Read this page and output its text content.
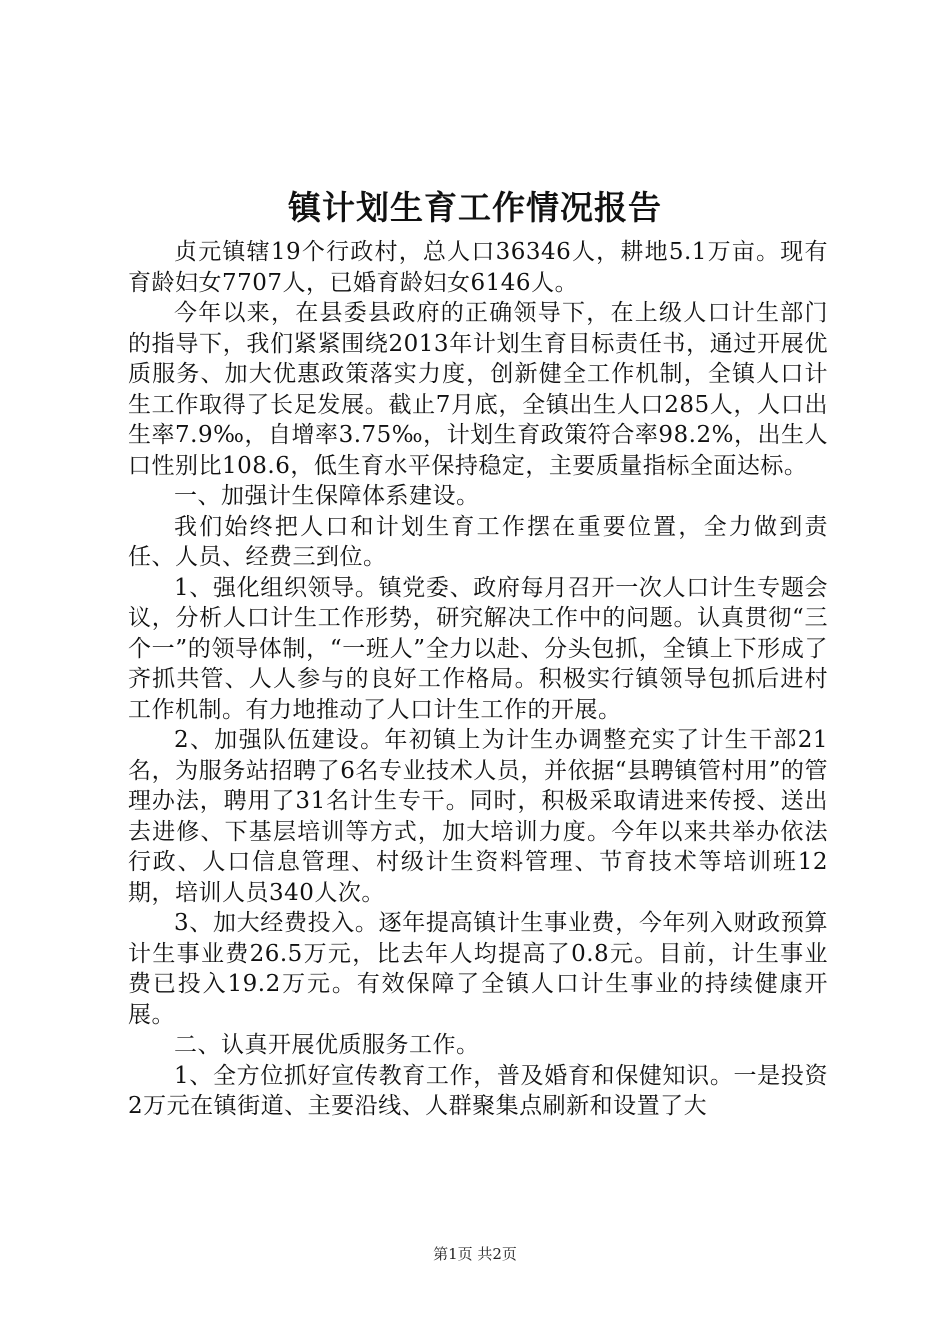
镇计划生育工作情况报告

贞元镇辖19个行政村，总人口36346人，耕地5.1万亩。现有育龄妇女7707人，已婚育龄妇女6146人。

今年以来，在县委县政府的正确领导下，在上级人口计生部门的指导下，我们紧紧围绕2013年计划生育目标责任书，通过开展优质服务、加大优惠政策落实力度，创新健全工作机制，全镇人口计生工作取得了长足发展。截止7月底，全镇出生人口285人，人口出生率7.9‰，自增率3.75‰，计划生育政策符合率98.2%，出生人口性别比108.6，低生育水平保持稳定，主要质量指标全面达标。

一、加强计生保障体系建设。

我们始终把人口和计划生育工作摆在重要位置，全力做到责任、人员、经费三到位。

1、强化组织领导。镇党委、政府每月召开一次人口计生专题会议，分析人口计生工作形势，研究解决工作中的问题。认真贯彻“三个一”的领导体制，“一班人”全力以赴、分头包抓，全镇上下形成了齐抓共管、人人参与的良好工作格局。积极实行镇领导包抓后进村工作机制。有力地推动了人口计生工作的开展。

2、加强队伍建设。年初镇上为计生办调整充实了计生干部21名，为服务站招聘了6名专业技术人员，并依据“县聘镇管村用”的管理办法，聘用了31名计生专干。同时，积极采取请进来传授、送出去进修、下基层培训等方式，加大培训力度。今年以来共举办依法行政、人口信息管理、村级计生资料管理、节育技术等培训班12期，培训人员340人次。

3、加大经费投入。逐年提高镇计生事业费，今年列入财政预算计生事业费26.5万元，比去年人均提高了0.8元。目前，计生事业费已投入19.2万元。有效保障了全镇人口计生事业的持续健康开展。

二、认真开展优质服务工作。

1、全方位抓好宣传教育工作，普及婚育和保健知识。一是投资2万元在镇街道、主要沿线、人群聚集点刷新和设置了大

第1页 共2页
